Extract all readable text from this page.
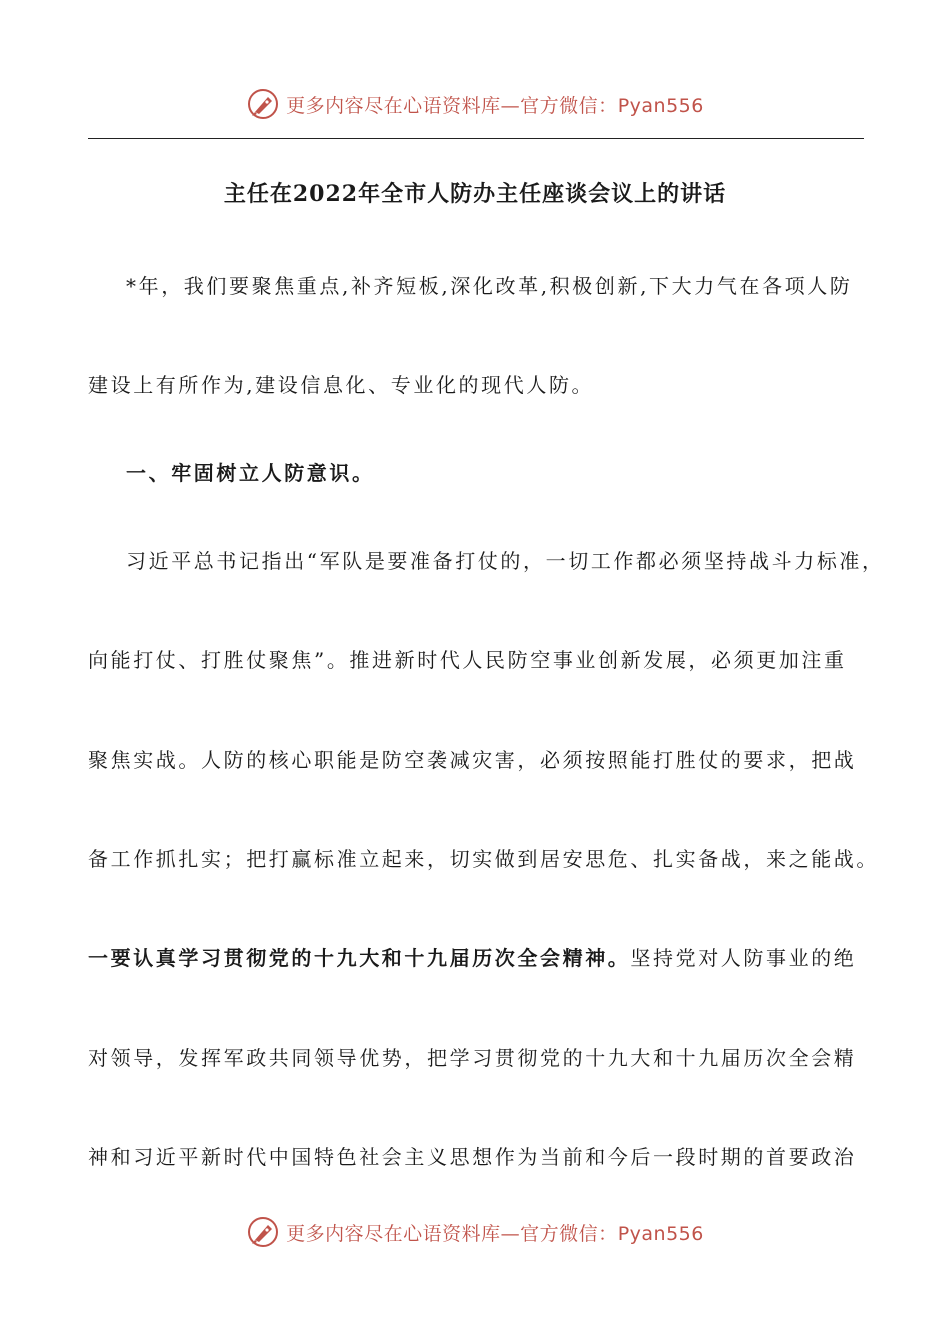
更多内容尽在心语资料库—官方微信：Pyan556
主任在2022年全市人防办主任座谈会议上的讲话
*年，我们要聚焦重点,补齐短板,深化改革,积极创新,下大力气在各项人防
建设上有所作为,建设信息化、专业化的现代人防。
一、牢固树立人防意识。
习近平总书记指出“军队是要准备打仗的，一切工作都必须坚持战斗力标准，
向能打仗、打胜仗聚焦”。推进新时代人民防空事业创新发展，必须更加注重
聚焦实战。人防的核心职能是防空袭减灾害，必须按照能打胜仗的要求，把战
备工作抓扎实；把打赢标准立起来，切实做到居安思危、扎实备战，来之能战。
一要认真学习贯彻党的十九大和十九届历次全会精神。坚持党对人防事业的绝
对领导，发挥军政共同领导优势，把学习贯彻党的十九大和十九届历次全会精
神和习近平新时代中国特色社会主义思想作为当前和今后一段时期的首要政治
更多内容尽在心语资料库—官方微信：Pyan556
